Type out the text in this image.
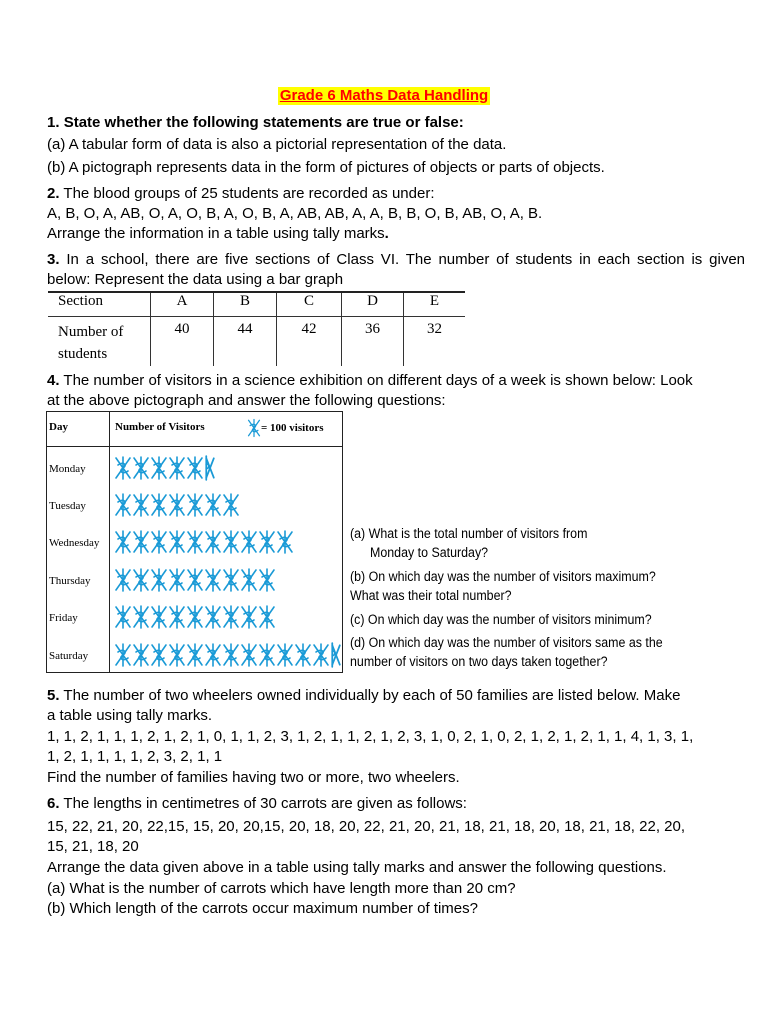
Grade 6 Maths Data Handling
1. State whether the following statements are true or false:
(a) A tabular form of data is also a pictorial representation of the data.
(b) A pictograph represents data in the form of pictures of objects or parts of objects.
2. The blood groups of 25 students are recorded as under:
A, B, O, A, AB, O, A, O, B, A, O, B, A, AB, AB, A, A, B, B, O, B, AB, O, A, B.
Arrange the information in a table using tally marks.
3. In a school, there are five sections of Class VI. The number of students in each section is given
below: Represent the data using a bar graph
Section	A	B	C	D	E
Number of
students	40	44	42	36	32
4. The number of visitors in a science exhibition on different days of a week is shown below: Look
at the above pictograph and answer the following questions:
Day	Number of Visitors	= 100 visitors
Monday
Tuesday
Wednesday
Thursday
Friday
Saturday
(a) What is the total number of visitors from
Monday to Saturday?
(b) On which day was the number of visitors maximum?
What was their total number?
(c) On which day was the number of visitors minimum?
(d) On which day was the number of visitors same as the
number of visitors on two days taken together?
5. The number of two wheelers owned individually by each of 50 families are listed below. Make
a table using tally marks.
1, 1, 2, 1, 1, 1, 2, 1, 2, 1, 0, 1, 1, 2, 3, 1, 2, 1, 1, 2, 1, 2, 3, 1, 0, 2, 1, 0, 2, 1, 2, 1, 2, 1, 1, 4, 1, 3, 1,
1, 2, 1, 1, 1, 1, 2, 3, 2, 1, 1
Find the number of families having two or more, two wheelers.
6. The lengths in centimetres of 30 carrots are given as follows:
15, 22, 21, 20, 22,15, 15, 20, 20,15, 20, 18, 20, 22, 21, 20, 21, 18, 21, 18, 20, 18, 21, 18, 22, 20,
15, 21, 18, 20
Arrange the data given above in a table using tally marks and answer the following questions.
(a) What is the number of carrots which have length more than 20 cm?
(b) Which length of the carrots occur maximum number of times?
